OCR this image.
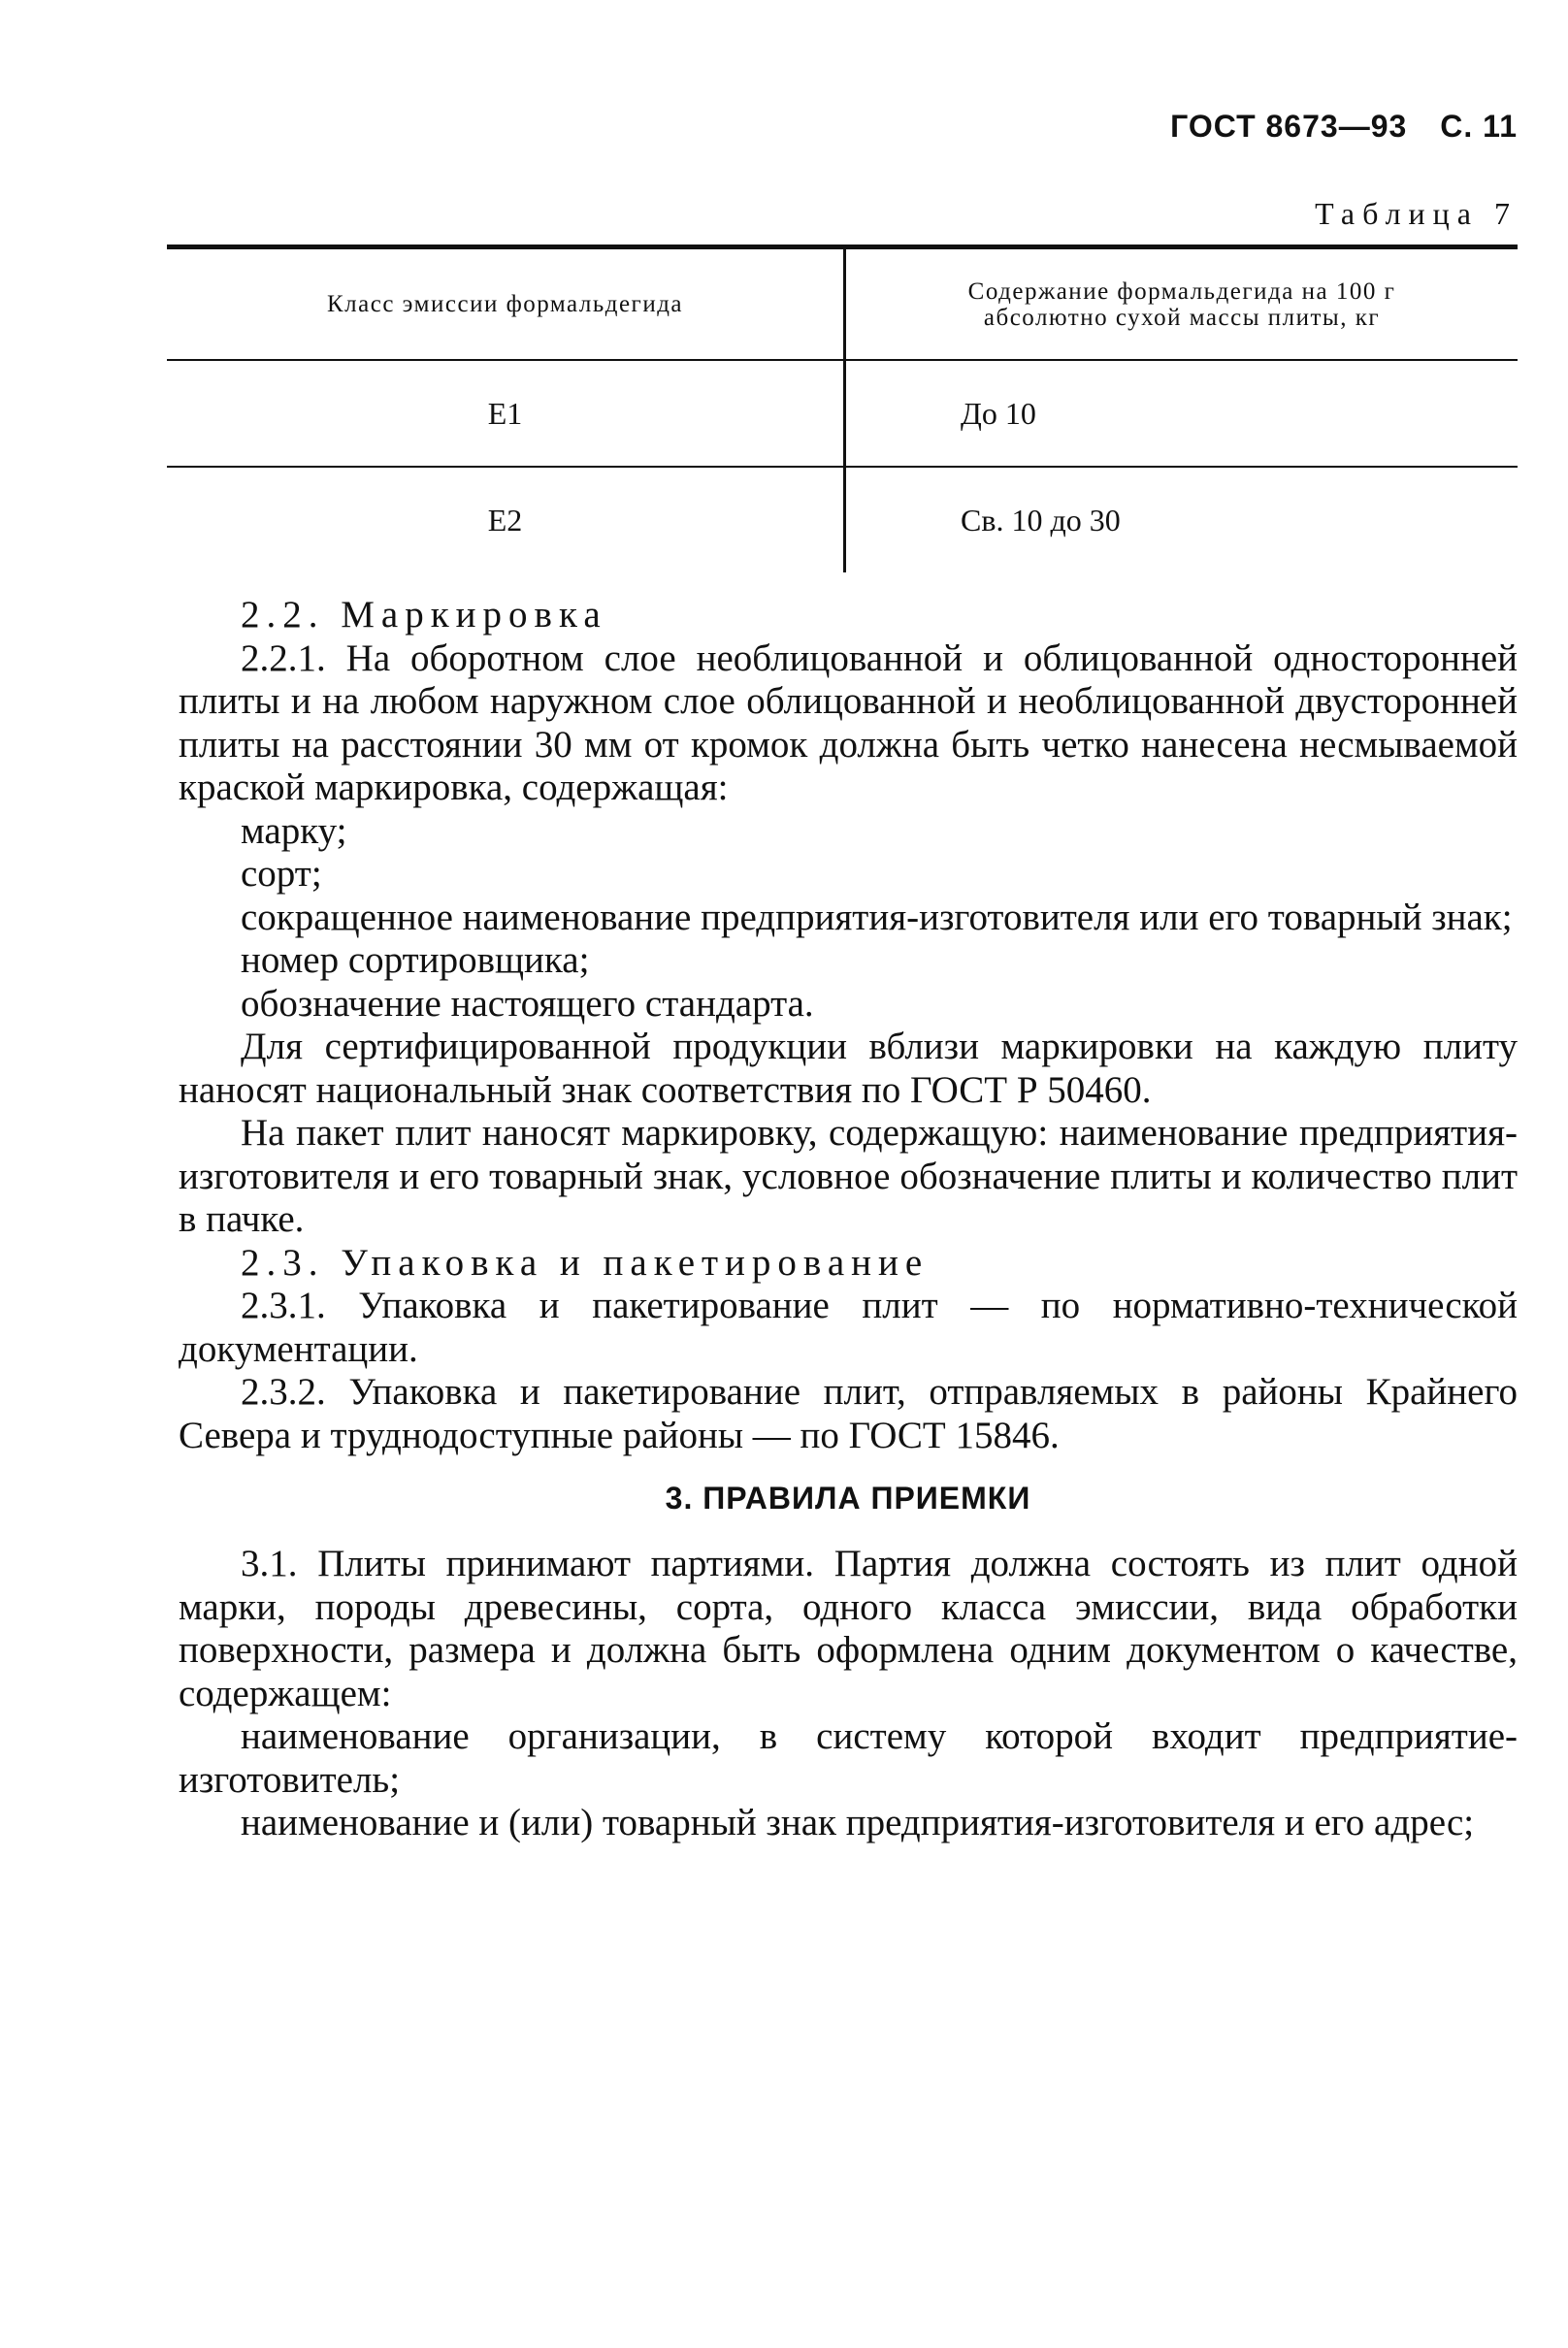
ГОСТ 8673—93 С. 11
Таблица 7
Класс эмиссии формальдегида	Содержание формальдегида на 100 г
абсолютно сухой массы плиты, кг
Е1	До 10
Е2	Св. 10 до 30

2.2. Маркировка

2.2.1. На оборотном слое необлицованной и облицованной односторонней плиты и на любом наружном слое облицованной и необлицованной двусторонней плиты на расстоянии 30 мм от кромок должна быть четко нанесена несмываемой краской маркировка, содержащая:

марку;

сорт;

сокращенное наименование предприятия-изготовителя или его товарный знак;

номер сортировщика;

обозначение настоящего стандарта.

Для сертифицированной продукции вблизи маркировки на каждую плиту наносят национальный знак соответствия по ГОСТ Р 50460.

На пакет плит наносят маркировку, содержащую: наименование предприятия-изготовителя и его товарный знак, условное обозначение плиты и количество плит в пачке.

2.3. Упаковка и пакетирование

2.3.1. Упаковка и пакетирование плит — по нормативно-технической документации.

2.3.2. Упаковка и пакетирование плит, отправляемых в районы Крайнего Севера и труднодоступные районы — по ГОСТ 15846.

3. ПРАВИЛА ПРИЕМКИ

3.1. Плиты принимают партиями. Партия должна состоять из плит одной марки, породы древесины, сорта, одного класса эмиссии, вида обработки поверхности, размера и должна быть оформлена одним документом о качестве, содержащем:

наименование организации, в систему которой входит предприятие-изготовитель;

наименование и (или) товарный знак предприятия-изготовителя и его адрес;
